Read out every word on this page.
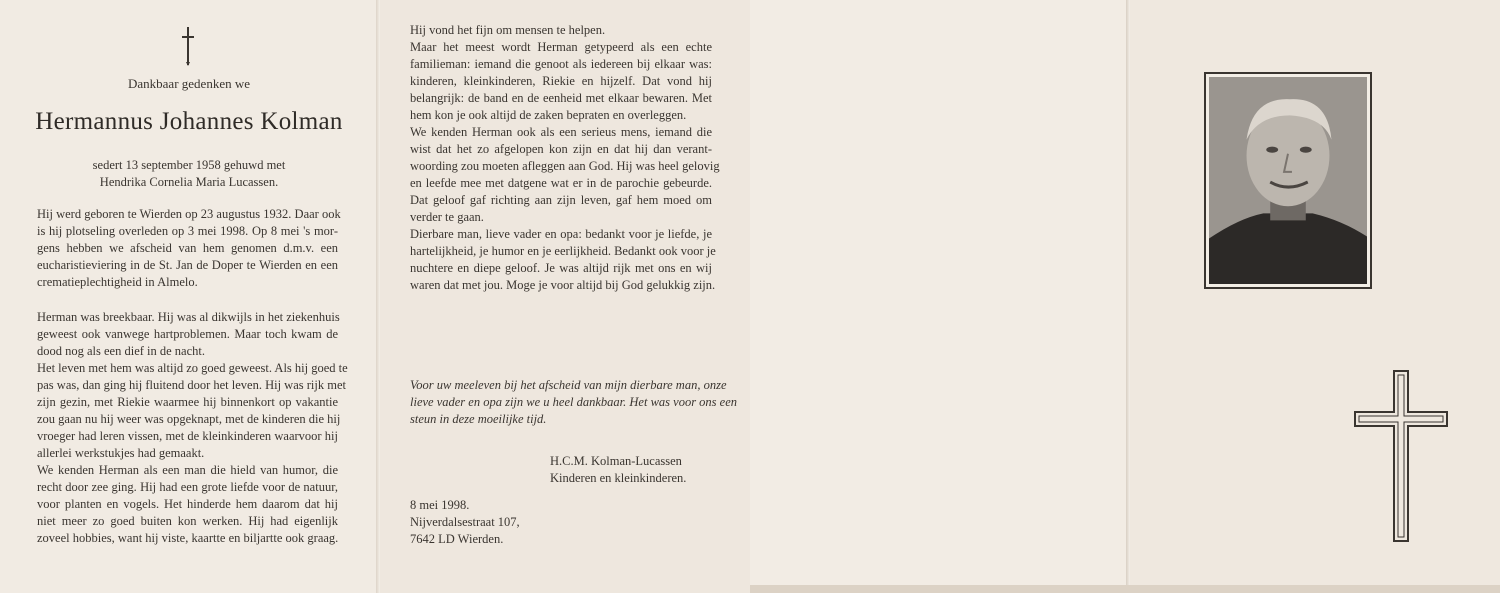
Dankbaar gedenken we
Hermannus Johannes Kolman
sedert 13 september 1958 gehuwd met
Hendrika Cornelia Maria Lucassen.
Hij werd geboren te Wierden op 23 augustus 1932. Daar ook
is hij plotseling overleden op 3 mei 1998. Op 8 mei 's mor-
gens hebben we afscheid van hem genomen d.m.v. een
eucharistieviering in de St. Jan de Doper te Wierden en een
crematieplechtigheid in Almelo.
Herman was breekbaar. Hij was al dikwijls in het ziekenhuis
geweest ook vanwege hartproblemen. Maar toch kwam de
dood nog als een dief in de nacht.
Het leven met hem was altijd zo goed geweest. Als hij goed te
pas was, dan ging hij fluitend door het leven. Hij was rijk met
zijn gezin, met Riekie waarmee hij binnenkort op vakantie
zou gaan nu hij weer was opgeknapt, met de kinderen die hij
vroeger had leren vissen, met de kleinkinderen waarvoor hij
allerlei werkstukjes had gemaakt.
We kenden Herman als een man die hield van humor, die
recht door zee ging. Hij had een grote liefde voor de natuur,
voor planten en vogels. Het hinderde hem daarom dat hij
niet meer zo goed buiten kon werken. Hij had eigenlijk
zoveel hobbies, want hij viste, kaartte en biljartte ook graag.
Hij vond het fijn om mensen te helpen.
Maar het meest wordt Herman getypeerd als een echte
familieman: iemand die genoot als iedereen bij elkaar was:
kinderen, kleinkinderen, Riekie en hijzelf. Dat vond hij
belangrijk: de band en de eenheid met elkaar bewaren. Met
hem kon je ook altijd de zaken bepraten en overleggen.
We kenden Herman ook als een serieus mens, iemand die
wist dat het zo afgelopen kon zijn en dat hij dan verant-
woording zou moeten afleggen aan God. Hij was heel gelovig
en leefde mee met datgene wat er in de parochie gebeurde.
Dat geloof gaf richting aan zijn leven, gaf hem moed om
verder te gaan.
Dierbare man, lieve vader en opa: bedankt voor je liefde, je
hartelijkheid, je humor en je eerlijkheid. Bedankt ook voor je
nuchtere en diepe geloof. Je was altijd rijk met ons en wij
waren dat met jou. Moge je voor altijd bij God gelukkig zijn.
Voor uw meeleven bij het afscheid van mijn dierbare man, onze
lieve vader en opa zijn we u heel dankbaar. Het was voor ons een
steun in deze moeilijke tijd.
H.C.M. Kolman-Lucassen
Kinderen en kleinkinderen.
8 mei 1998.
Nijverdalsestraat 107,
7642 LD Wierden.
